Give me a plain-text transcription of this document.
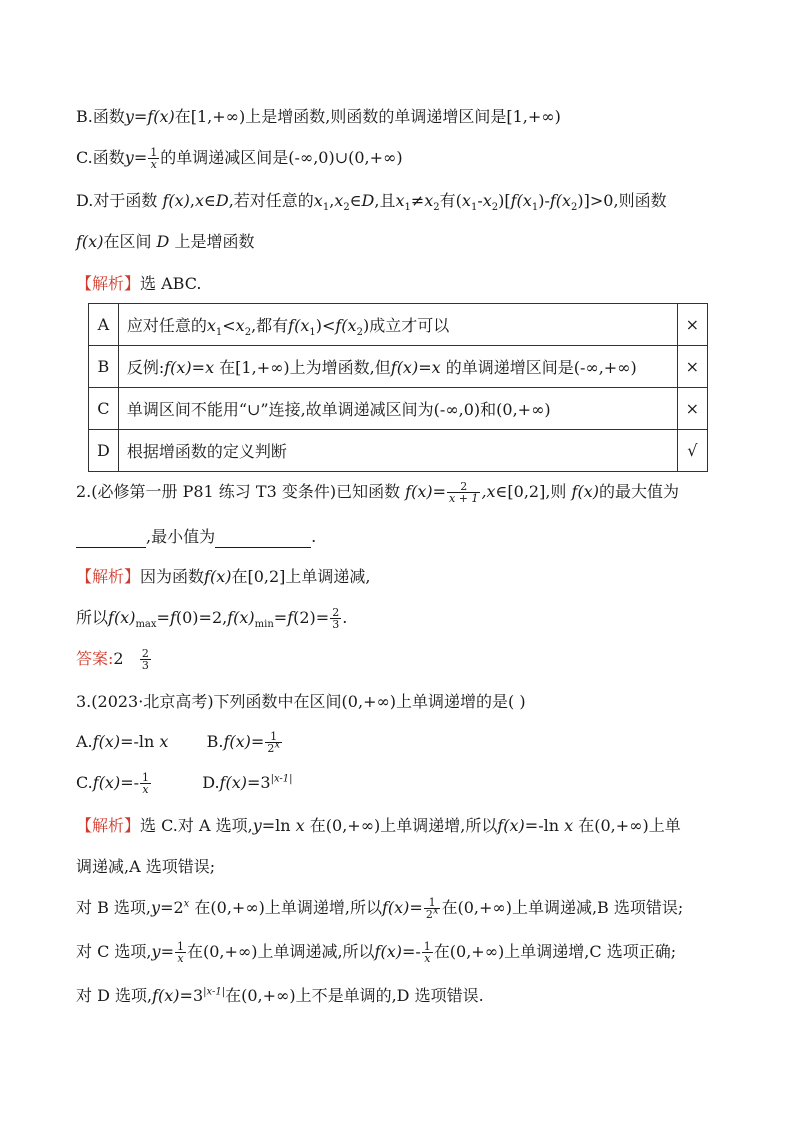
B.函数y=f(x)在[1,+∞)上是增函数,则函数的单调递增区间是[1,+∞)
C.函数$y= \frac{1}{x}$ 的单调递减区间是(-∞,0)∪(0,+∞)
D.对于函数 f(x),x∈D,若对任意的$x_1,x_2\in D$,且$x_1\ne x_2$有$(x_1-x_2)[f(x_1)-f(x_2)]>0$,则函数
f(x)在区间 D 上是增函数
【解析】选 ABC.
A	应对任意的$x_1<x_2$,都有$f(x_1)<f(x_2)$成立才可以	×
B	反例:f(x)=x 在[1,+∞)上为增函数,但f(x)=x 的单调递增区间是(-∞,+∞)	×
C	单调区间不能用“∪”连接,故单调递减区间为(-∞,0)和(0,+∞)	×
D	根据增函数的定义判断	√
2.(必修第一册 P81 练习 T3 变条件)已知函数 $f(x)= \frac{2}{x + 1}$ ,x∈[0,2],则 f(x)的最大值为
,最小值为	.
【解析】因为函数f(x)在[0,2]上单调递减,
所以$f(x)_{max}=f(0)=2,f(x)_{min}=f(2)= \frac{2}{3}$ .
答案:2 $\frac{2}{3}$
3.(2023·北京高考)下列函数中在区间(0,+∞)上单调递增的是( )
A.f(x)=-ln x $B.f(x)= \frac{1}{2^x}$
$C.f(x)=- \frac{1}{x}$	$D.f(x)=3^{|x-1|}$
【解析】选 C.对 A 选项,y=ln x 在(0,+∞)上单调递增,所以f(x)=-ln x 在(0,+∞)上单
调递减,A 选项错误;
对 B 选项$,y=2^x$ 在(0,+∞)上单调递增,所以$f(x)= \frac{1}{2^x}$ 在(0,+∞)上单调递减,B 选项错误;
对 C 选项$,y= \frac{1}{x}$ 在(0,+∞)上单调递减,所以$f(x)=- \frac{1}{x}$ 在(0,+∞)上单调递增,C 选项正确;
对 D 选项$,f(x)=3^{|x-1|}$在(0,+∞)上不是单调的,D 选项错误.
